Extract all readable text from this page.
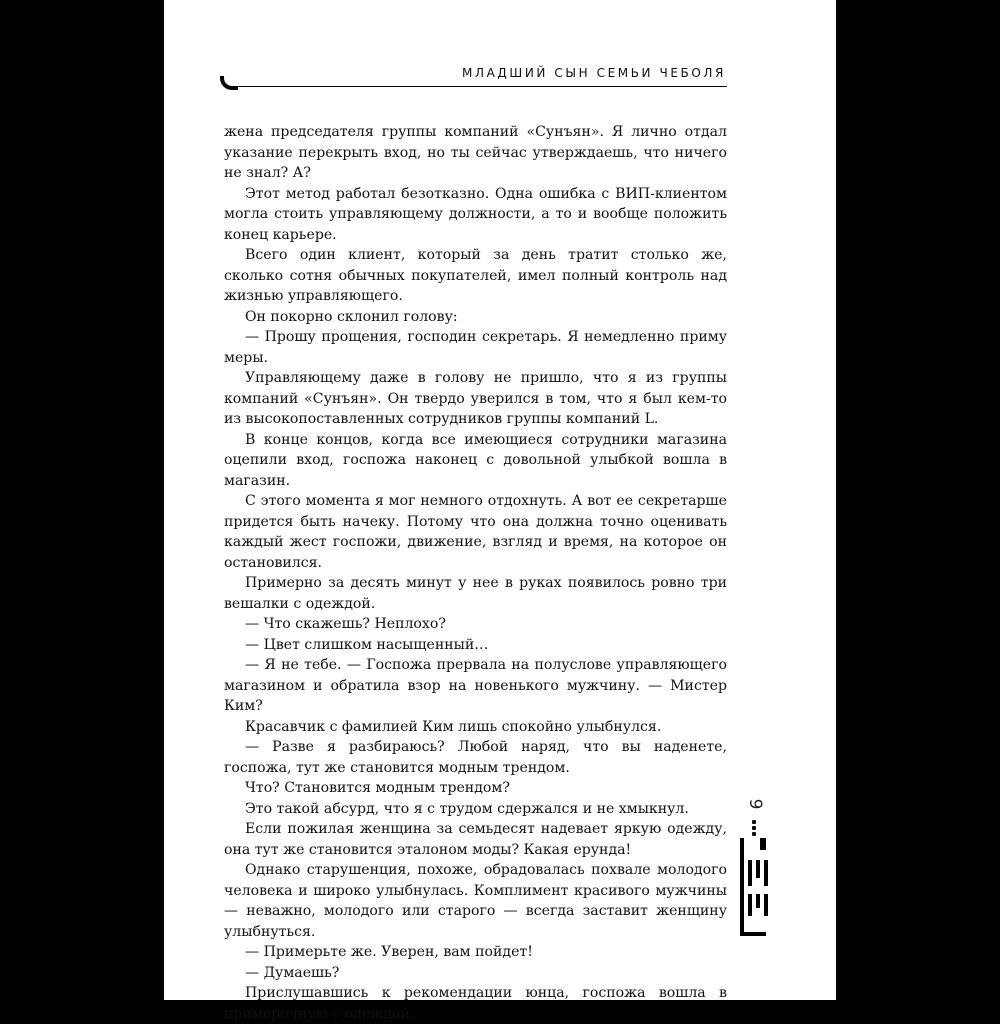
МЛАДШИЙ СЫН СЕМЬИ ЧЕБОЛЯ

жена председателя группы компаний «Сунъян». Я лично отдал указание перекрыть вход, но ты сейчас утверждаешь, что ничего не знал? А?

Этот метод работал безотказно. Одна ошибка с ВИП-клиентом могла стоить управляющему должности, а то и вообще положить конец карьере.

Всего один клиент, который за день тратит столько же, сколько сотня обычных покупателей, имел полный контроль над жизнью управляющего.

Он покорно склонил голову:

— Прошу прощения, господин секретарь. Я немедленно приму меры.

Управляющему даже в голову не пришло, что я из группы компаний «Сунъян». Он твердо уверился в том, что я был кем-то из высокопоставленных сотрудников группы компаний L.

В конце концов, когда все имеющиеся сотрудники магазина оцепили вход, госпожа наконец с довольной улыбкой вошла в магазин.

С этого момента я мог немного отдохнуть. А вот ее секретарше придется быть начеку. Потому что она должна точно оценивать каждый жест госпожи, движение, взгляд и время, на которое он остановился.

Примерно за десять минут у нее в руках появилось ровно три вешалки с одеждой.

— Что скажешь? Неплохо?

— Цвет слишком насыщенный…

— Я не тебе. — Госпожа прервала на полуслове управляющего магазином и обратила взор на новенького мужчину. — Мистер Ким?

Красавчик с фамилией Ким лишь спокойно улыбнулся.

— Разве я разбираюсь? Любой наряд, что вы наденете, госпожа, тут же становится модным трендом.

Что? Становится модным трендом?

Это такой абсурд, что я с трудом сдержался и не хмыкнул.

Если пожилая женщина за семьдесят надевает яркую одежду, она тут же становится эталоном моды? Какая ерунда!

Однако старушенция, похоже, обрадовалась похвале молодого человека и широко улыбнулась. Комплимент красивого мужчины — неважно, молодого или старого — всегда заставит женщину улыбнуться.

— Примерьте же. Уверен, вам пойдет!

— Думаешь?

Прислушавшись к рекомендации юнца, госпожа вошла в примерочную с одеждой.

9
